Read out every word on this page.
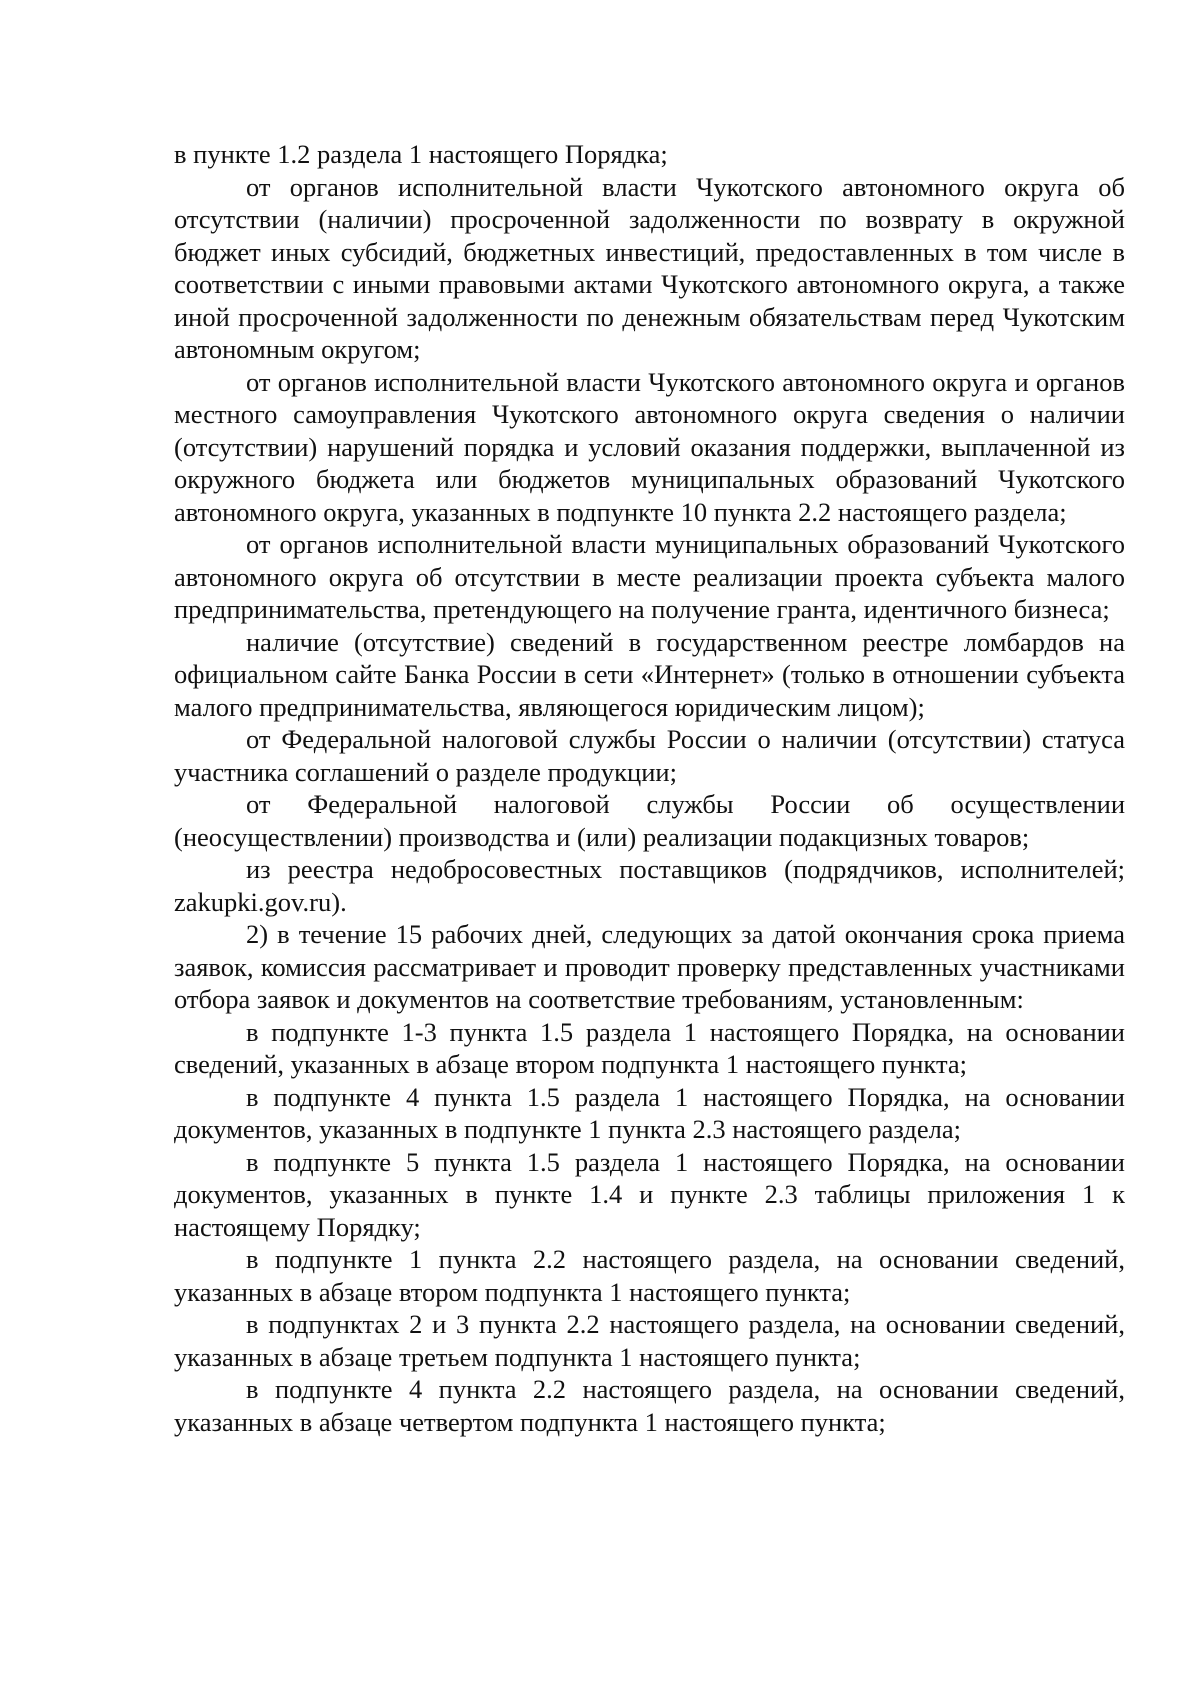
в пункте 1.2 раздела 1 настоящего Порядка;

от органов исполнительной власти Чукотского автономного округа об отсутствии (наличии) просроченной задолженности по возврату в окружной бюджет иных субсидий, бюджетных инвестиций, предоставленных в том числе в соответствии с иными правовыми актами Чукотского автономного округа, а также иной просроченной задолженности по денежным обязательствам перед Чукотским автономным округом;

от органов исполнительной власти Чукотского автономного округа и органов местного самоуправления Чукотского автономного округа сведения о наличии (отсутствии) нарушений порядка и условий оказания поддержки, выплаченной из окружного бюджета или бюджетов муниципальных образований Чукотского автономного округа, указанных в подпункте 10 пункта 2.2 настоящего раздела;

от органов исполнительной власти муниципальных образований Чукотского автономного округа об отсутствии в месте реализации проекта субъекта малого предпринимательства, претендующего на получение гранта, идентичного бизнеса;

наличие (отсутствие) сведений в государственном реестре ломбардов на официальном сайте Банка России в сети «Интернет» (только в отношении субъекта малого предпринимательства, являющегося юридическим лицом);

от Федеральной налоговой службы России о наличии (отсутствии) статуса участника соглашений о разделе продукции;

от Федеральной налоговой службы России об осуществлении (неосуществлении) производства и (или) реализации подакцизных товаров;

из реестра недобросовестных поставщиков (подрядчиков, исполнителей; zakupki.gov.ru).

2) в течение 15 рабочих дней, следующих за датой окончания срока приема заявок, комиссия рассматривает и проводит проверку представленных участниками отбора заявок и документов на соответствие требованиям, установленным:

в подпункте 1-3 пункта 1.5 раздела 1 настоящего Порядка, на основании сведений, указанных в абзаце втором подпункта 1 настоящего пункта;

в подпункте 4 пункта 1.5 раздела 1 настоящего Порядка, на основании документов, указанных в подпункте 1 пункта 2.3 настоящего раздела;

в подпункте 5 пункта 1.5 раздела 1 настоящего Порядка, на основании документов, указанных в пункте 1.4 и пункте 2.3 таблицы приложения 1 к настоящему Порядку;

в подпункте 1 пункта 2.2 настоящего раздела, на основании сведений, указанных в абзаце втором подпункта 1 настоящего пункта;

в подпунктах 2 и 3 пункта 2.2 настоящего раздела, на основании сведений, указанных в абзаце третьем подпункта 1 настоящего пункта;

в подпункте 4 пункта 2.2 настоящего раздела, на основании сведений, указанных в абзаце четвертом подпункта 1 настоящего пункта;
